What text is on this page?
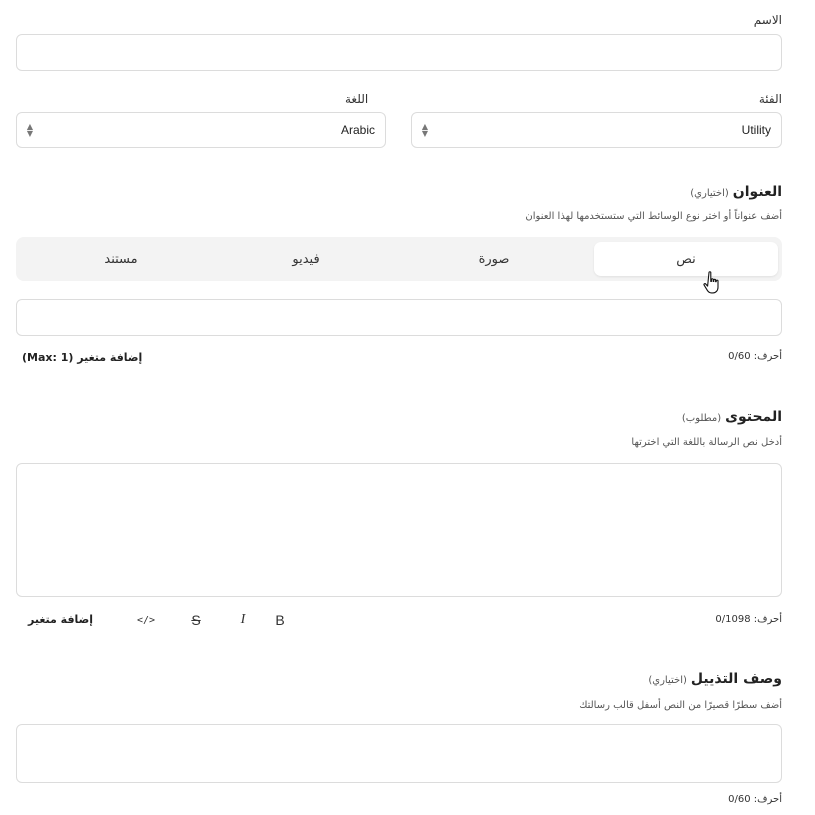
الاسم
الفئة
اللغة
▲
▼	Utility
▲
▼	Arabic
العنوان(اختياري)
أضف عنواناً أو اختر نوع الوسائط التي ستستخدمها لهذا العنوان
نص
صورة
فيديو
مستند
أحرف: 0/60
إضافة متغير (Max: 1)
المحتوى(مطلوب)
أدخل نص الرسالة باللغة التي اخترتها
أحرف: 0/1098
B
I
S
</>
إضافة متغير
وصف التذييل(اختياري)
أضف سطرًا قصيرًا من النص أسفل قالب رسالتك
أحرف: 0/60
